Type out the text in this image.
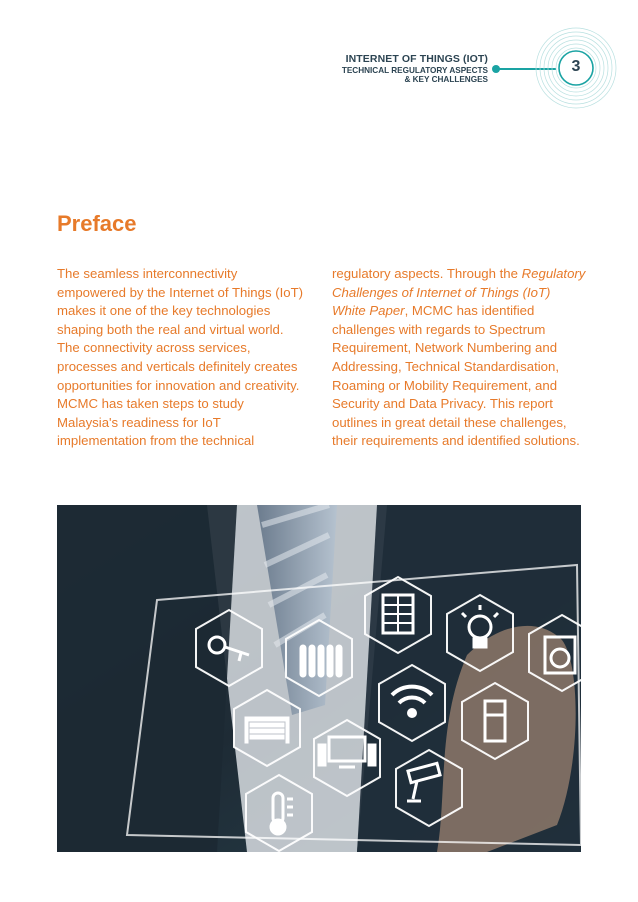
INTERNET OF THINGS (IOT)
TECHNICAL REGULATORY ASPECTS
& KEY CHALLENGES
3
Preface
The seamless interconnectivity empowered by the Internet of Things (IoT) makes it one of the key technologies shaping both the real and virtual world. The connectivity across services, processes and verticals definitely creates opportunities for innovation and creativity. MCMC has taken steps to study Malaysia's readiness for IoT implementation from the technical
regulatory aspects. Through the Regulatory Challenges of Internet of Things (IoT) White Paper, MCMC has identified challenges with regards to Spectrum Requirement, Network Numbering and Addressing, Technical Standardisation, Roaming or Mobility Requirement, and Security and Data Privacy. This report outlines in great detail these challenges, their requirements and identified solutions.
